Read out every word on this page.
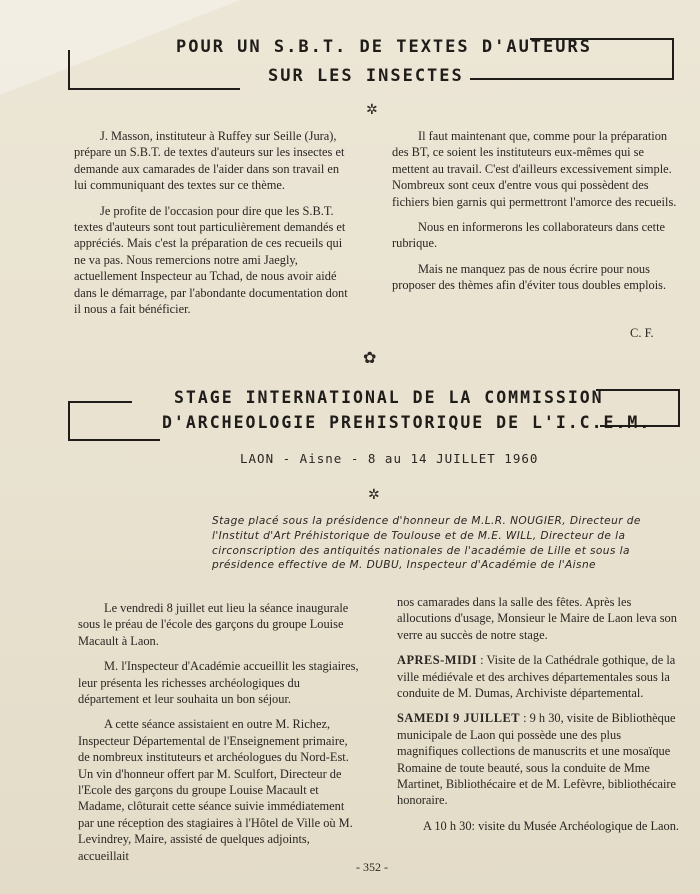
POUR UN S.B.T. DE TEXTES D'AUTEURS
SUR LES INSECTES
✲

J. Masson, instituteur à Ruffey sur Seille (Jura), prépare un S.B.T. de textes d'auteurs sur les insectes et demande aux camarades de l'aider dans son travail en lui communiquant des textes sur ce thème.

Je profite de l'occasion pour dire que les S.B.T. textes d'auteurs sont tout particulièrement demandés et appréciés. Mais c'est la préparation de ces recueils qui ne va pas. Nous remercions notre ami Jaegly, actuellement Inspecteur au Tchad, de nous avoir aidé dans le démarrage, par l'abondante documentation dont il nous a fait bénéficier.

Il faut maintenant que, comme pour la préparation des BT, ce soient les instituteurs eux-mêmes qui se mettent au travail. C'est d'ailleurs excessivement simple. Nombreux sont ceux d'entre vous qui possèdent des fichiers bien garnis qui permettront l'amorce des recueils.

Nous en informerons les collaborateurs dans cette rubrique.

Mais ne manquez pas de nous écrire pour nous proposer des thèmes afin d'éviter tous doubles emplois.

C. F.
✿
STAGE INTERNATIONAL DE LA COMMISSION
D'ARCHEOLOGIE PREHISTORIQUE DE L'I.C.E.M.
LAON - Aisne - 8 au 14 JUILLET 1960
✲
Stage placé sous la présidence d'honneur de M.L.R. NOUGIER, Directeur de l'Institut d'Art Préhistorique de Toulouse et de M.E. WILL, Directeur de la circonscription des antiquités nationales de l'académie de Lille et sous la présidence effective de M. DUBU, Inspecteur d'Académie de l'Aisne

Le vendredi 8 juillet eut lieu la séance inaugurale sous le préau de l'école des garçons du groupe Louise Macault à Laon.

M. l'Inspecteur d'Académie accueillit les stagiaires, leur présenta les richesses archéologiques du département et leur souhaita un bon séjour.

A cette séance assistaient en outre M. Richez, Inspecteur Départemental de l'Enseignement primaire, de nombreux instituteurs et archéologues du Nord-Est. Un vin d'honneur offert par M. Sculfort, Directeur de l'Ecole des garçons du groupe Louise Macault et Madame, clôturait cette séance suivie immédiatement par une réception des stagiaires à l'Hôtel de Ville où M. Levindrey, Maire, assisté de quelques adjoints, accueillait

nos camarades dans la salle des fêtes. Après les allocutions d'usage, Monsieur le Maire de Laon leva son verre au succès de notre stage.

APRES-MIDI : Visite de la Cathédrale gothique, de la ville médiévale et des archives départementales sous la conduite de M. Dumas, Archiviste départemental.

SAMEDI 9 JUILLET : 9 h 30, visite de Bibliothèque municipale de Laon qui possède une des plus magnifiques collections de manuscrits et une mosaïque Romaine de toute beauté, sous la conduite de Mme Martinet, Bibliothécaire et de M. Lefèvre, bibliothécaire honoraire.

A 10 h 30: visite du Musée Archéologique de Laon.

- 352 -
